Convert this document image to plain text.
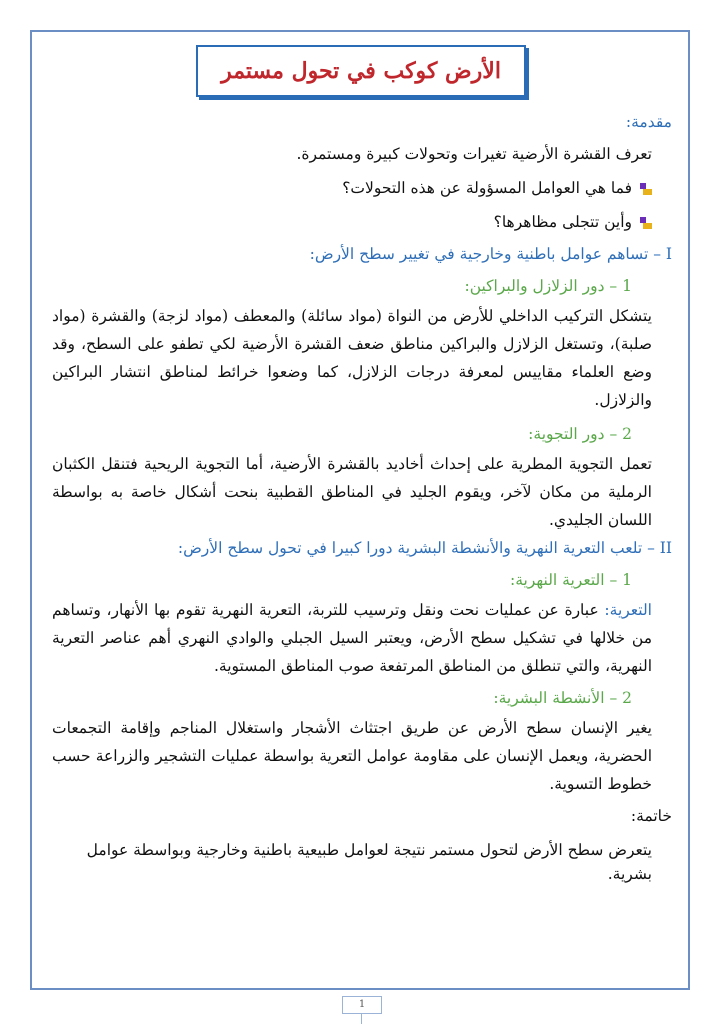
الأرض كوكب في تحول مستمر

مقدمة:

تعرف القشرة الأرضية تغيرات وتحولات كبيرة ومستمرة.

فما هي العوامل المسؤولة عن هذه التحولات؟

وأين تتجلى مظاهرها؟

I – تساهم عوامل باطنية وخارجية في تغيير سطح الأرض:

1 – دور الزلازل والبراكين:

يتشكل التركيب الداخلي للأرض من النواة (مواد سائلة) والمعطف (مواد لزجة) والقشرة (مواد صلبة)، وتستغل الزلازل والبراكين مناطق ضعف القشرة الأرضية لكي تطفو على السطح، وقد وضع العلماء مقاييس لمعرفة درجات الزلازل، كما وضعوا خرائط لمناطق انتشار البراكين والزلازل.

2 – دور التجوية:

تعمل التجوية المطرية على إحداث أخاديد بالقشرة الأرضية، أما التجوية الريحية فتنقل الكثبان الرملية من مكان لآخر، ويقوم الجليد في المناطق القطبية بنحت أشكال خاصة به بواسطة اللسان الجليدي.

II – تلعب التعرية النهرية والأنشطة البشرية دورا كبيرا في تحول سطح الأرض:

1 – التعرية النهرية:

التعرية: عبارة عن عمليات نحت ونقل وترسيب للتربة، التعرية النهرية تقوم بها الأنهار، وتساهم من خلالها في تشكيل سطح الأرض، ويعتبر السيل الجبلي والوادي النهري أهم عناصر التعرية النهرية، والتي تنطلق من المناطق المرتفعة صوب المناطق المستوية.

2 – الأنشطة البشرية:

يغير الإنسان سطح الأرض عن طريق اجتثاث الأشجار واستغلال المناجم وإقامة التجمعات الحضرية، ويعمل الإنسان على مقاومة عوامل التعرية بواسطة عمليات التشجير والزراعة حسب خطوط التسوية.

خاتمة:

يتعرض سطح الأرض لتحول مستمر نتيجة لعوامل طبيعية باطنية وخارجية وبواسطة عوامل بشرية.

1
